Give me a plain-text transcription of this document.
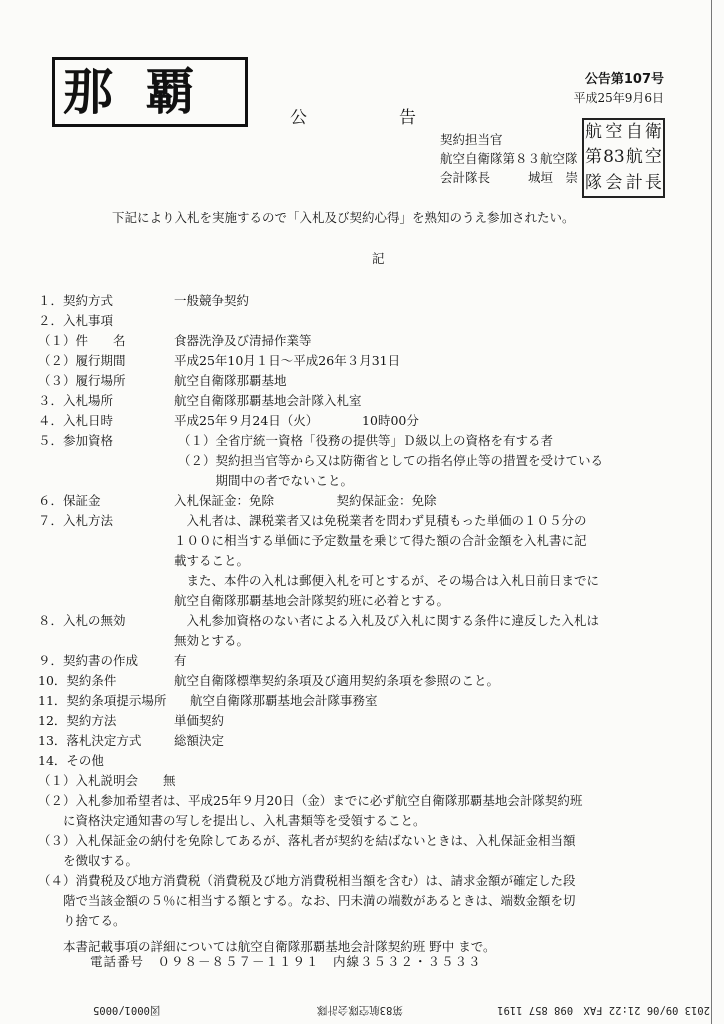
那覇	公告第107号
平成25年9月6日
公告
契約担当官
航空自衛隊第８３航空隊
会計隊長	城垣　崇
航 空 自 衛
第 83 航 空
隊 会 計 長
下記により入札を実施するので「入札及び契約心得」を熟知のうえ参加されたい。
記
１．契約方式	一般競争契約
２．入札事項
（１）件　　名	食器洗浄及び清掃作業等
（２）履行期間	平成25年10月１日～平成26年３月31日
（３）履行場所	航空自衛隊那覇基地
３．入札場所	航空自衛隊那覇基地会計隊入札室
４．入札日時	平成25年９月24日（火）　　　　10時00分
５．参加資格	（１）全省庁統一資格「役務の提供等」Ｄ級以上の資格を有する者
（２）契約担当官等から又は防衛省としての指名停止等の措置を受けている
　　　期間中の者でないこと。
６．保証金	入札保証金：免除　　　　　契約保証金：免除
７．入札方法	　入札者は、課税業者又は免税業者を問わず見積もった単価の１０５分の
１００に相当する単価に予定数量を乗じて得た額の合計金額を入札書に記
載すること。
　また、本件の入札は郵便入札を可とするが、その場合は入札日前日までに
航空自衛隊那覇基地会計隊契約班に必着とする。
８．入札の無効	　入札参加資格のない者による入札及び入札に関する条件に違反した入札は
無効とする。
９．契約書の作成	有
10．契約条件	航空自衛隊標準契約条項及び適用契約条項を参照のこと。
11．契約条項提示場所 航空自衛隊那覇基地会計隊事務室
12．契約方法	単価契約
13．落札決定方式	総額決定
14．その他
（１）入札説明会　　無
（２）入札参加希望者は、平成25年９月20日（金）までに必ず航空自衛隊那覇基地会計隊契約班
　　に資格決定通知書の写しを提出し、入札書類等を受領すること。
（３）入札保証金の納付を免除してあるが、落札者が契約を結ばないときは、入札保証金相当額
　　を徴収する。
（４）消費税及び地方消費税（消費税及び地方消費税相当額を含む）は、請求金額が確定した段
　　階で当該金額の５％に相当する額とする。なお、円未満の端数があるときは、端数金額を切
　　り捨てる。
　　本書記載事項の詳細については航空自衛隊那覇基地会計隊契約班 野中 まで。
電話番号　０９８－８５７－１１９１　内線３５３２・３５３３
2013 09/06 21:22 FAX　098 857 1191 第83航空隊会計隊 図0001/0005
